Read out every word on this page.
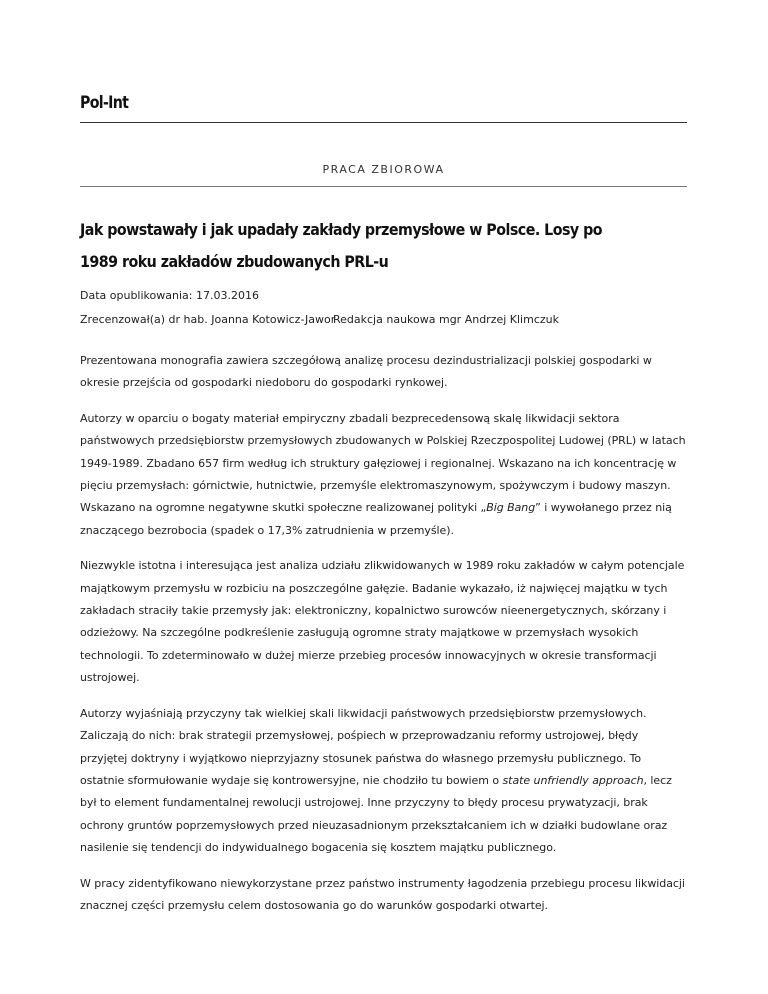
Pol-Int
PRACA ZBIOROWA
Jak powstawały i jak upadały zakłady przemysłowe w Polsce. Losy po 1989 roku zakładów zbudowanych PRL-u
Data opublikowania: 17.03.2016
Zrecenzował(a) dr hab. Joanna Kotowicz-Jawor
Redakcja naukowa mgr Andrzej Klimczuk

Prezentowana monografia zawiera szczegółową analizę procesu dezindustrializacji polskiej gospodarki w okresie przejścia od gospodarki niedoboru do gospodarki rynkowej.

Autorzy w oparciu o bogaty materiał empiryczny zbadali bezprecedensową skalę likwidacji sektora państwowych przedsiębiorstw przemysłowych zbudowanych w Polskiej Rzeczpospolitej Ludowej (PRL) w latach 1949-1989. Zbadano 657 firm według ich struktury gałęziowej i regionalnej. Wskazano na ich koncentrację w pięciu przemysłach: górnictwie, hutnictwie, przemyśle elektromaszynowym, spożywczym i budowy maszyn. Wskazano na ogromne negatywne skutki społeczne realizowanej polityki „Big Bang” i wywołanego przez nią znaczącego bezrobocia (spadek o 17,3% zatrudnienia w przemyśle).

Niezwykle istotna i interesująca jest analiza udziału zlikwidowanych w 1989 roku zakładów w całym potencjale majątkowym przemysłu w rozbiciu na poszczególne gałęzie. Badanie wykazało, iż najwięcej majątku w tych zakładach straciły takie przemysły jak: elektroniczny, kopalnictwo surowców nieenergetycznych, skórzany i odzieżowy. Na szczególne podkreślenie zasługują ogromne straty majątkowe w przemysłach wysokich technologii. To zdeterminowało w dużej mierze przebieg procesów innowacyjnych w okresie transformacji ustrojowej.

Autorzy wyjaśniają przyczyny tak wielkiej skali likwidacji państwowych przedsiębiorstw przemysłowych. Zaliczają do nich: brak strategii przemysłowej, pośpiech w przeprowadzaniu reformy ustrojowej, błędy przyjętej doktryny i wyjątkowo nieprzyjazny stosunek państwa do własnego przemysłu publicznego. To ostatnie sformułowanie wydaje się kontrowersyjne, nie chodziło tu bowiem o state unfriendly approach, lecz był to element fundamentalnej rewolucji ustrojowej. Inne przyczyny to błędy procesu prywatyzacji, brak ochrony gruntów poprzemysłowych przed nieuzasadnionym przekształcaniem ich w działki budowlane oraz nasilenie się tendencji do indywidualnego bogacenia się kosztem majątku publicznego.

W pracy zidentyfikowano niewykorzystane przez państwo instrumenty łagodzenia przebiegu procesu likwidacji znacznej części przemysłu celem dostosowania go do warunków gospodarki otwartej.
